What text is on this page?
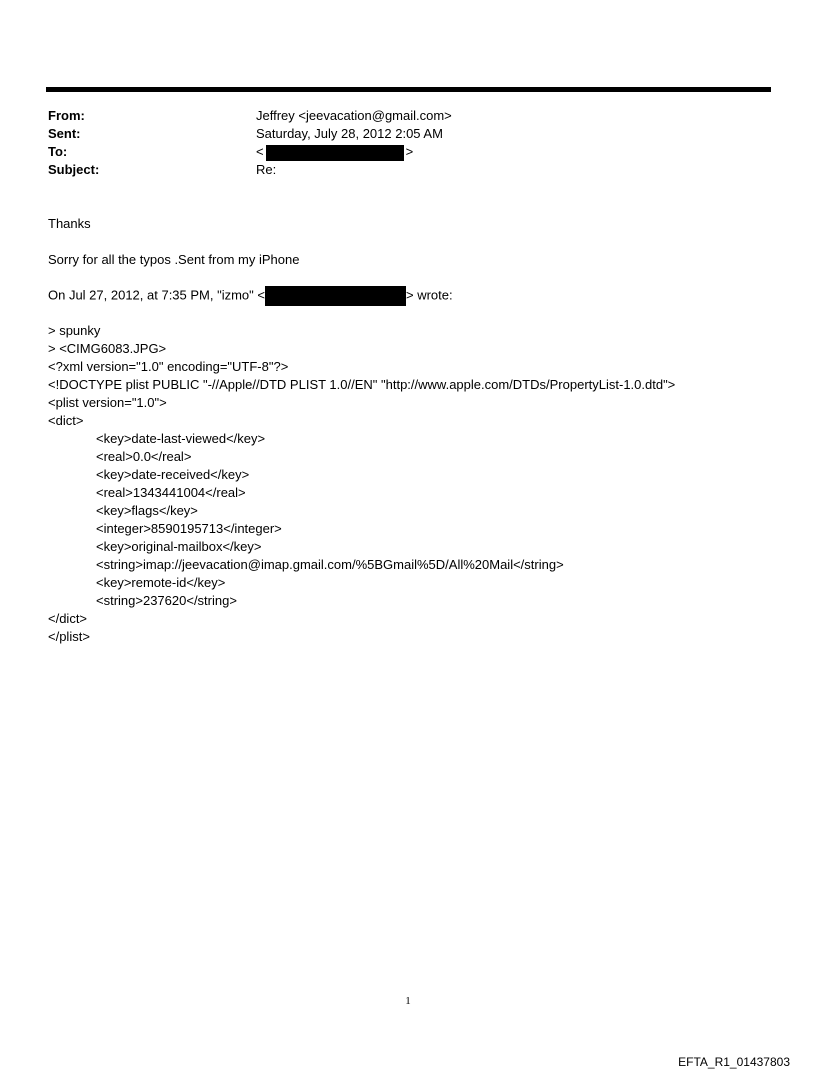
From:	Jeffrey <jeevacation@gmail.com>
Sent:	Saturday, July 28, 2012 2:05 AM
To:	<	>
Subject:	Re:
Thanks
Sorry for all the typos .Sent from my iPhone
On Jul 27, 2012, at 7:35 PM, "izmo" <	> wrote:
> spunky
> <CIMG6083.JPG>
<?xml version="1.0" encoding="UTF-8"?>
<!DOCTYPE plist PUBLIC "-//Apple//DTD PLIST 1.0//EN" "http://www.apple.com/DTDs/PropertyList-1.0.dtd">
<plist version="1.0">
<dict>
<key>date-last-viewed</key>
<real>0.0</real>
<key>date-received</key>
<real>1343441004</real>
<key>flags</key>
<integer>8590195713</integer>
<key>original-mailbox</key>
<string>imap://jeevacation@imap.gmail.com/%5BGmail%5D/All%20Mail</string>
<key>remote-id</key>
<string>237620</string>
</dict>
</plist>
1
EFTA_R1_01437803
